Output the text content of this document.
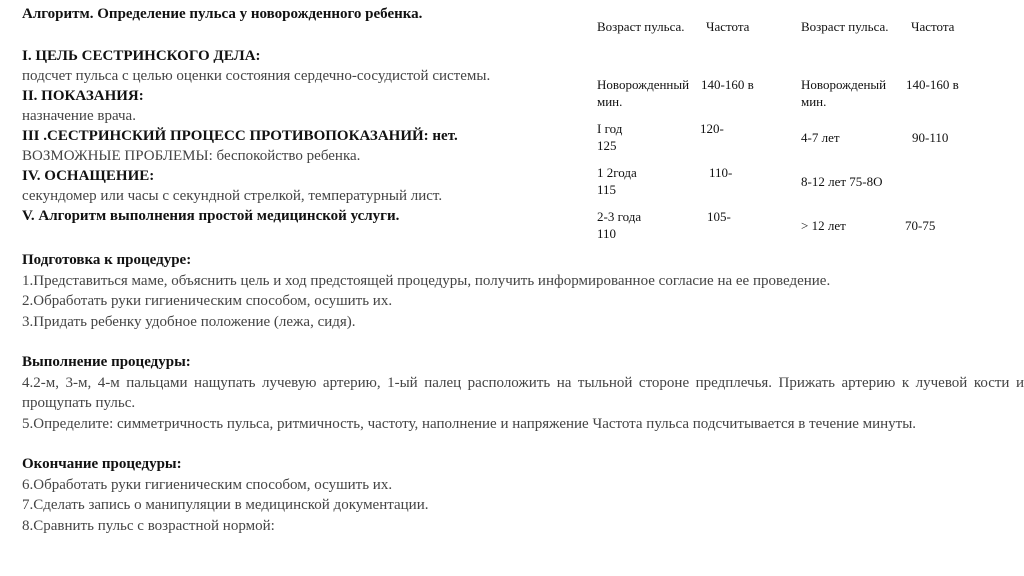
Алгоритм. Определение пульса у новорожденного ребенка.
I. ЦЕЛЬ СЕСТРИНСКОГО ДЕЛА:
подсчет пульса с целью оценки состояния сердечно-сосудистой системы.
II. ПОКАЗАНИЯ:
назначение врача.
III .СЕСТРИНСКИЙ ПРОЦЕСС ПРОТИВОПОКАЗАНИЙ: нет.
ВОЗМОЖНЫЕ ПРОБЛЕМЫ: беспокойство ребенка.
IV. ОСНАЩЕНИЕ:
секундомер или часы с секундной стрелкой, температурный лист.
V. Алгоритм выполнения простой медицинской услуги.
Возраст пульса. Частота
Новорожденный 140-160 в
мин.
I год	120-
125
1 2года	110-
115
2-3 года	105-
110
Возраст пульса. Частота
Новорожденый 140-160 в
мин.
4-7 лет	90-110
8-12 лет 75-8О
> 12 лет	70-75
Подготовка к процедуре:
1.Представиться маме, объяснить цель и ход предстоящей процедуры, получить информированное согласие на ее проведение.
2.Обработать руки гигиеническим способом, осушить их.
3.Придать ребенку удобное положение (лежа, сидя).
Выполнение процедуры:
4.2-м, 3-м, 4-м пальцами нащупать лучевую артерию, 1-ый палец расположить на тыльной стороне предплечья. Прижать артерию к лучевой кости и прощупать пульс.
5.Определите: симметричность пульса, ритмичность, частоту, наполнение и напряжение Частота пульса подсчитывается в течение минуты.
Окончание процедуры:
6.Обработать руки гигиеническим способом, осушить их.
7.Сделать запись о манипуляции в медицинской документации.
8.Сравнить пульс с возрастной нормой:
